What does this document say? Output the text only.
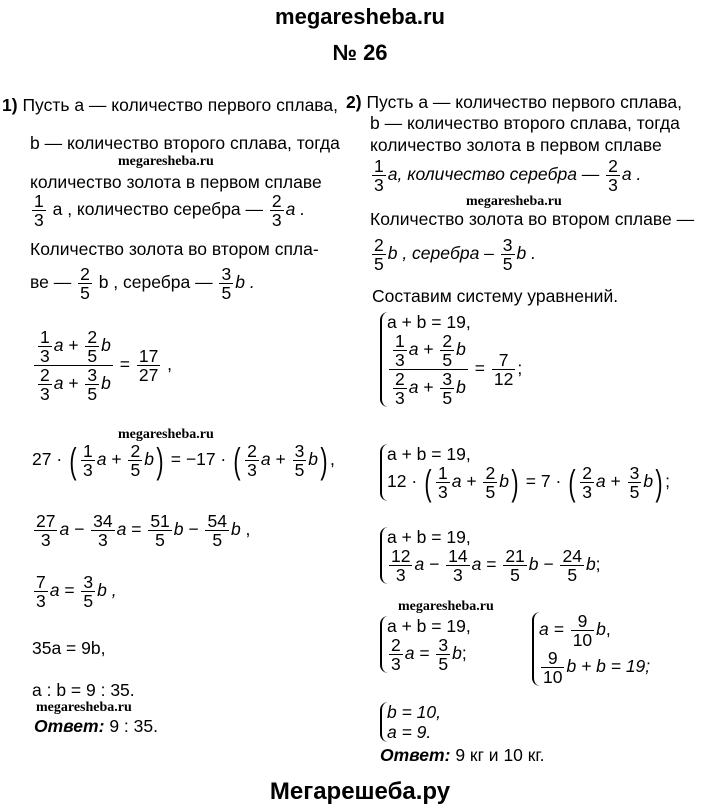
megaresheba.ru
№ 26
1) Пусть a — количество первого сплава,
b — количество второго сплава, тогда
megaresheba.ru
количество золота в первом сплаве
$\frac{1}{3}$ a , количество серебра — $\frac{2}{3}$ a .
Количество золота во втором спла-
ве — $\frac{2}{5}$ b , серебра — $\frac{3}{5}$ b .
$\frac{\frac{1}{3} a + \frac{2}{5} b}{\frac{2}{3} a + \frac{3}{5} b} = \frac{17}{27}$ ,
megaresheba.ru
27 · ( $\frac{1}{3}$ $a + \frac{2}{5} b) = -17$ · ( $\frac{2}{3}$ $a + \frac{3}{5} b$) ,
$\frac{27}{3}$ $a - \frac{34}{3}$ $a = \frac{51}{5}$ $b - \frac{54}{5}$ b ,
$\frac{7}{3}$ $a = \frac{3}{5}$ b ,
35a = 9b,
a : b = 9 : 35.
megaresheba.ru
Ответ: 9 : 35.
2) Пусть a — количество первого сплава,
b — количество второго сплава, тогда
количество золота в первом сплаве
$\frac{1}{3} a$, количество серебра — $\frac{2}{3}$ a .
megaresheba.ru
Количество золота во втором сплаве —
$\frac{2}{5}$ b , серебра – $\frac{3}{5}$ b .
Составим систему уравнений.
a + b = 19,
$\frac{\frac{1}{3} a + \frac{2}{5} b}{\frac{2}{3} a + \frac{3}{5} b} = \frac{7}{12}$ ;
a + b = 19,
12 · ( $\frac{1}{3}$ $a + \frac{2}{5} b) = 7$ · ( $\frac{2}{3}$ $a + \frac{3}{5} b$) ;
a + b = 19,
$\frac{12}{3}$ $a - \frac{14}{3}$ $a = \frac{21}{5}$ $b - \frac{24}{5} b$;
megaresheba.ru
a + b = 19,
$\frac{2}{3}$ $a = \frac{3}{5} b$;
$a = \frac{9}{10} b$,
$\frac{9}{10}$ b + b = 19;
b = 10,
a = 9.
Ответ: 9 кг и 10 кг.
Мегарешеба.ру
